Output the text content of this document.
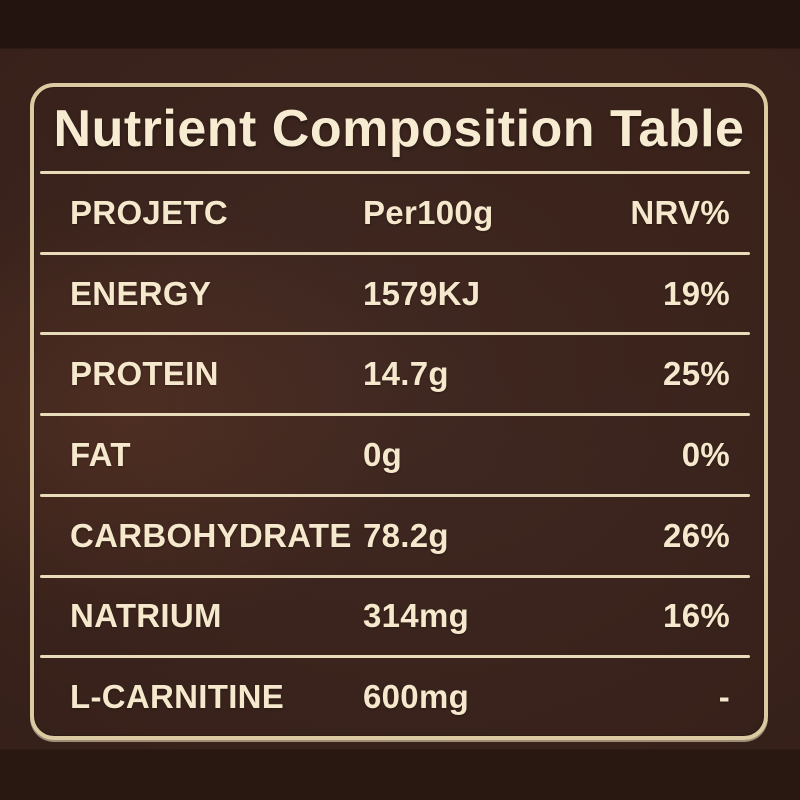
Nutrient Composition Table
PROJETC	Per100g	NRV%
ENERGY	1579KJ	19%
PROTEIN	14.7g	25%
FAT	0g	0%
CARBOHYDRATE 78.2g	26%
NATRIUM	314mg	16%
L-CARNITINE	600mg	-
